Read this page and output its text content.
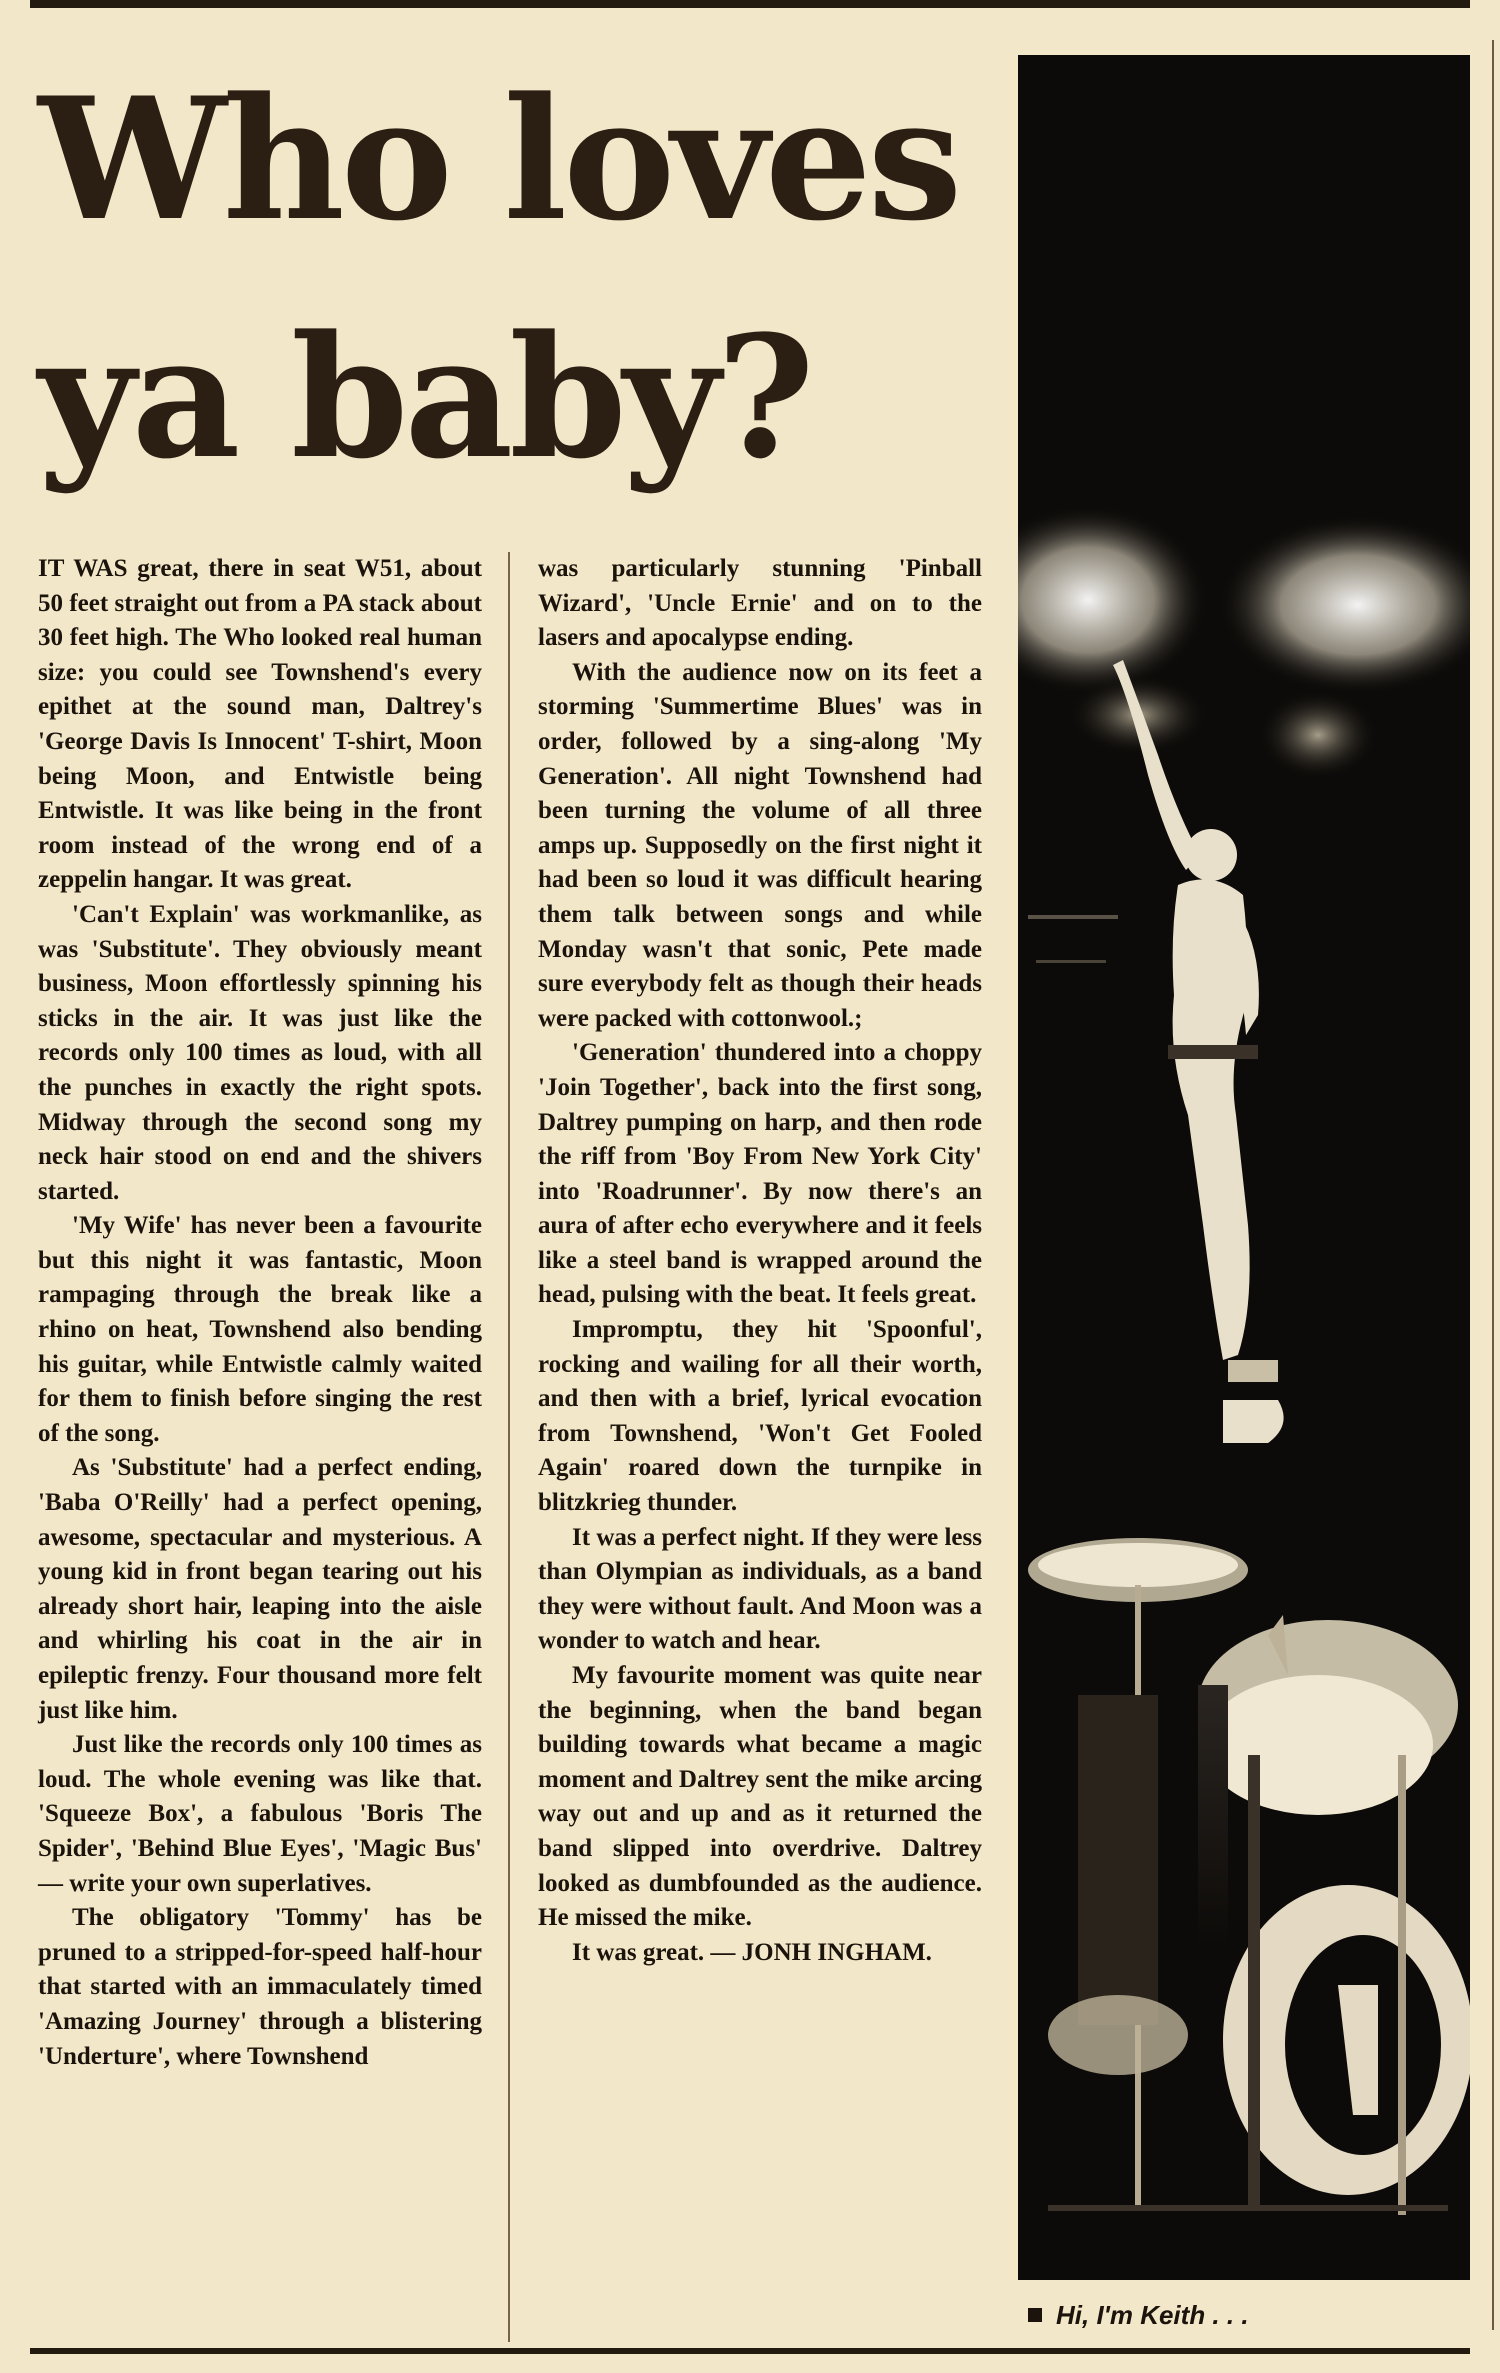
Who loves
ya baby?

IT WAS great, there in seat W51, about 50 feet straight out from a PA stack about 30 feet high. The Who looked real human size: you could see Townshend's every epithet at the sound man, Daltrey's 'George Davis Is Innocent' T-shirt, Moon being Moon, and Entwistle being Entwistle. It was like being in the front room instead of the wrong end of a zeppelin hangar. It was great.

'Can't Explain' was workmanlike, as was 'Substitute'. They obviously meant business, Moon effortlessly spinning his sticks in the air. It was just like the records only 100 times as loud, with all the punches in exactly the right spots. Midway through the second song my neck hair stood on end and the shivers started.

'My Wife' has never been a favourite but this night it was fantastic, Moon rampaging through the break like a rhino on heat, Townshend also bending his guitar, while Entwistle calmly waited for them to finish before singing the rest of the song.

As 'Substitute' had a perfect ending, 'Baba O'Reilly' had a perfect opening, awesome, spectacular and mysterious. A young kid in front began tearing out his already short hair, leaping into the aisle and whirling his coat in the air in epileptic frenzy. Four thousand more felt just like him.

Just like the records only 100 times as loud. The whole evening was like that. 'Squeeze Box', a fabulous 'Boris The Spider', 'Behind Blue Eyes', 'Magic Bus' — write your own superlatives.

The obligatory 'Tommy' has be pruned to a stripped-for-speed half-hour that started with an immaculately timed 'Amazing Journey' through a blistering 'Underture', where Townshend

was particularly stunning 'Pinball Wizard', 'Uncle Ernie' and on to the lasers and apocalypse ending.

With the audience now on its feet a storming 'Summertime Blues' was in order, followed by a sing-along 'My Generation'. All night Townshend had been turning the volume of all three amps up. Supposedly on the first night it had been so loud it was difficult hearing them talk between songs and while Monday wasn't that sonic, Pete made sure everybody felt as though their heads were packed with cottonwool.;

'Generation' thundered into a choppy 'Join Together', back into the first song, Daltrey pumping on harp, and then rode the riff from 'Boy From New York City' into 'Roadrunner'. By now there's an aura of after echo everywhere and it feels like a steel band is wrapped around the head, pulsing with the beat. It feels great.

Impromptu, they hit 'Spoonful', rocking and wailing for all their worth, and then with a brief, lyrical evocation from Townshend, 'Won't Get Fooled Again' roared down the turnpike in blitzkrieg thunder.

It was a perfect night. If they were less than Olympian as individuals, as a band they were without fault. And Moon was a wonder to watch and hear.

My favourite moment was quite near the beginning, when the band began building towards what became a magic moment and Daltrey sent the mike arcing way out and up and as it returned the band slipped into overdrive. Daltrey looked as dumbfounded as the audience. He missed the mike.

It was great. — JONH INGHAM.

Hi, I'm Keith . . .
